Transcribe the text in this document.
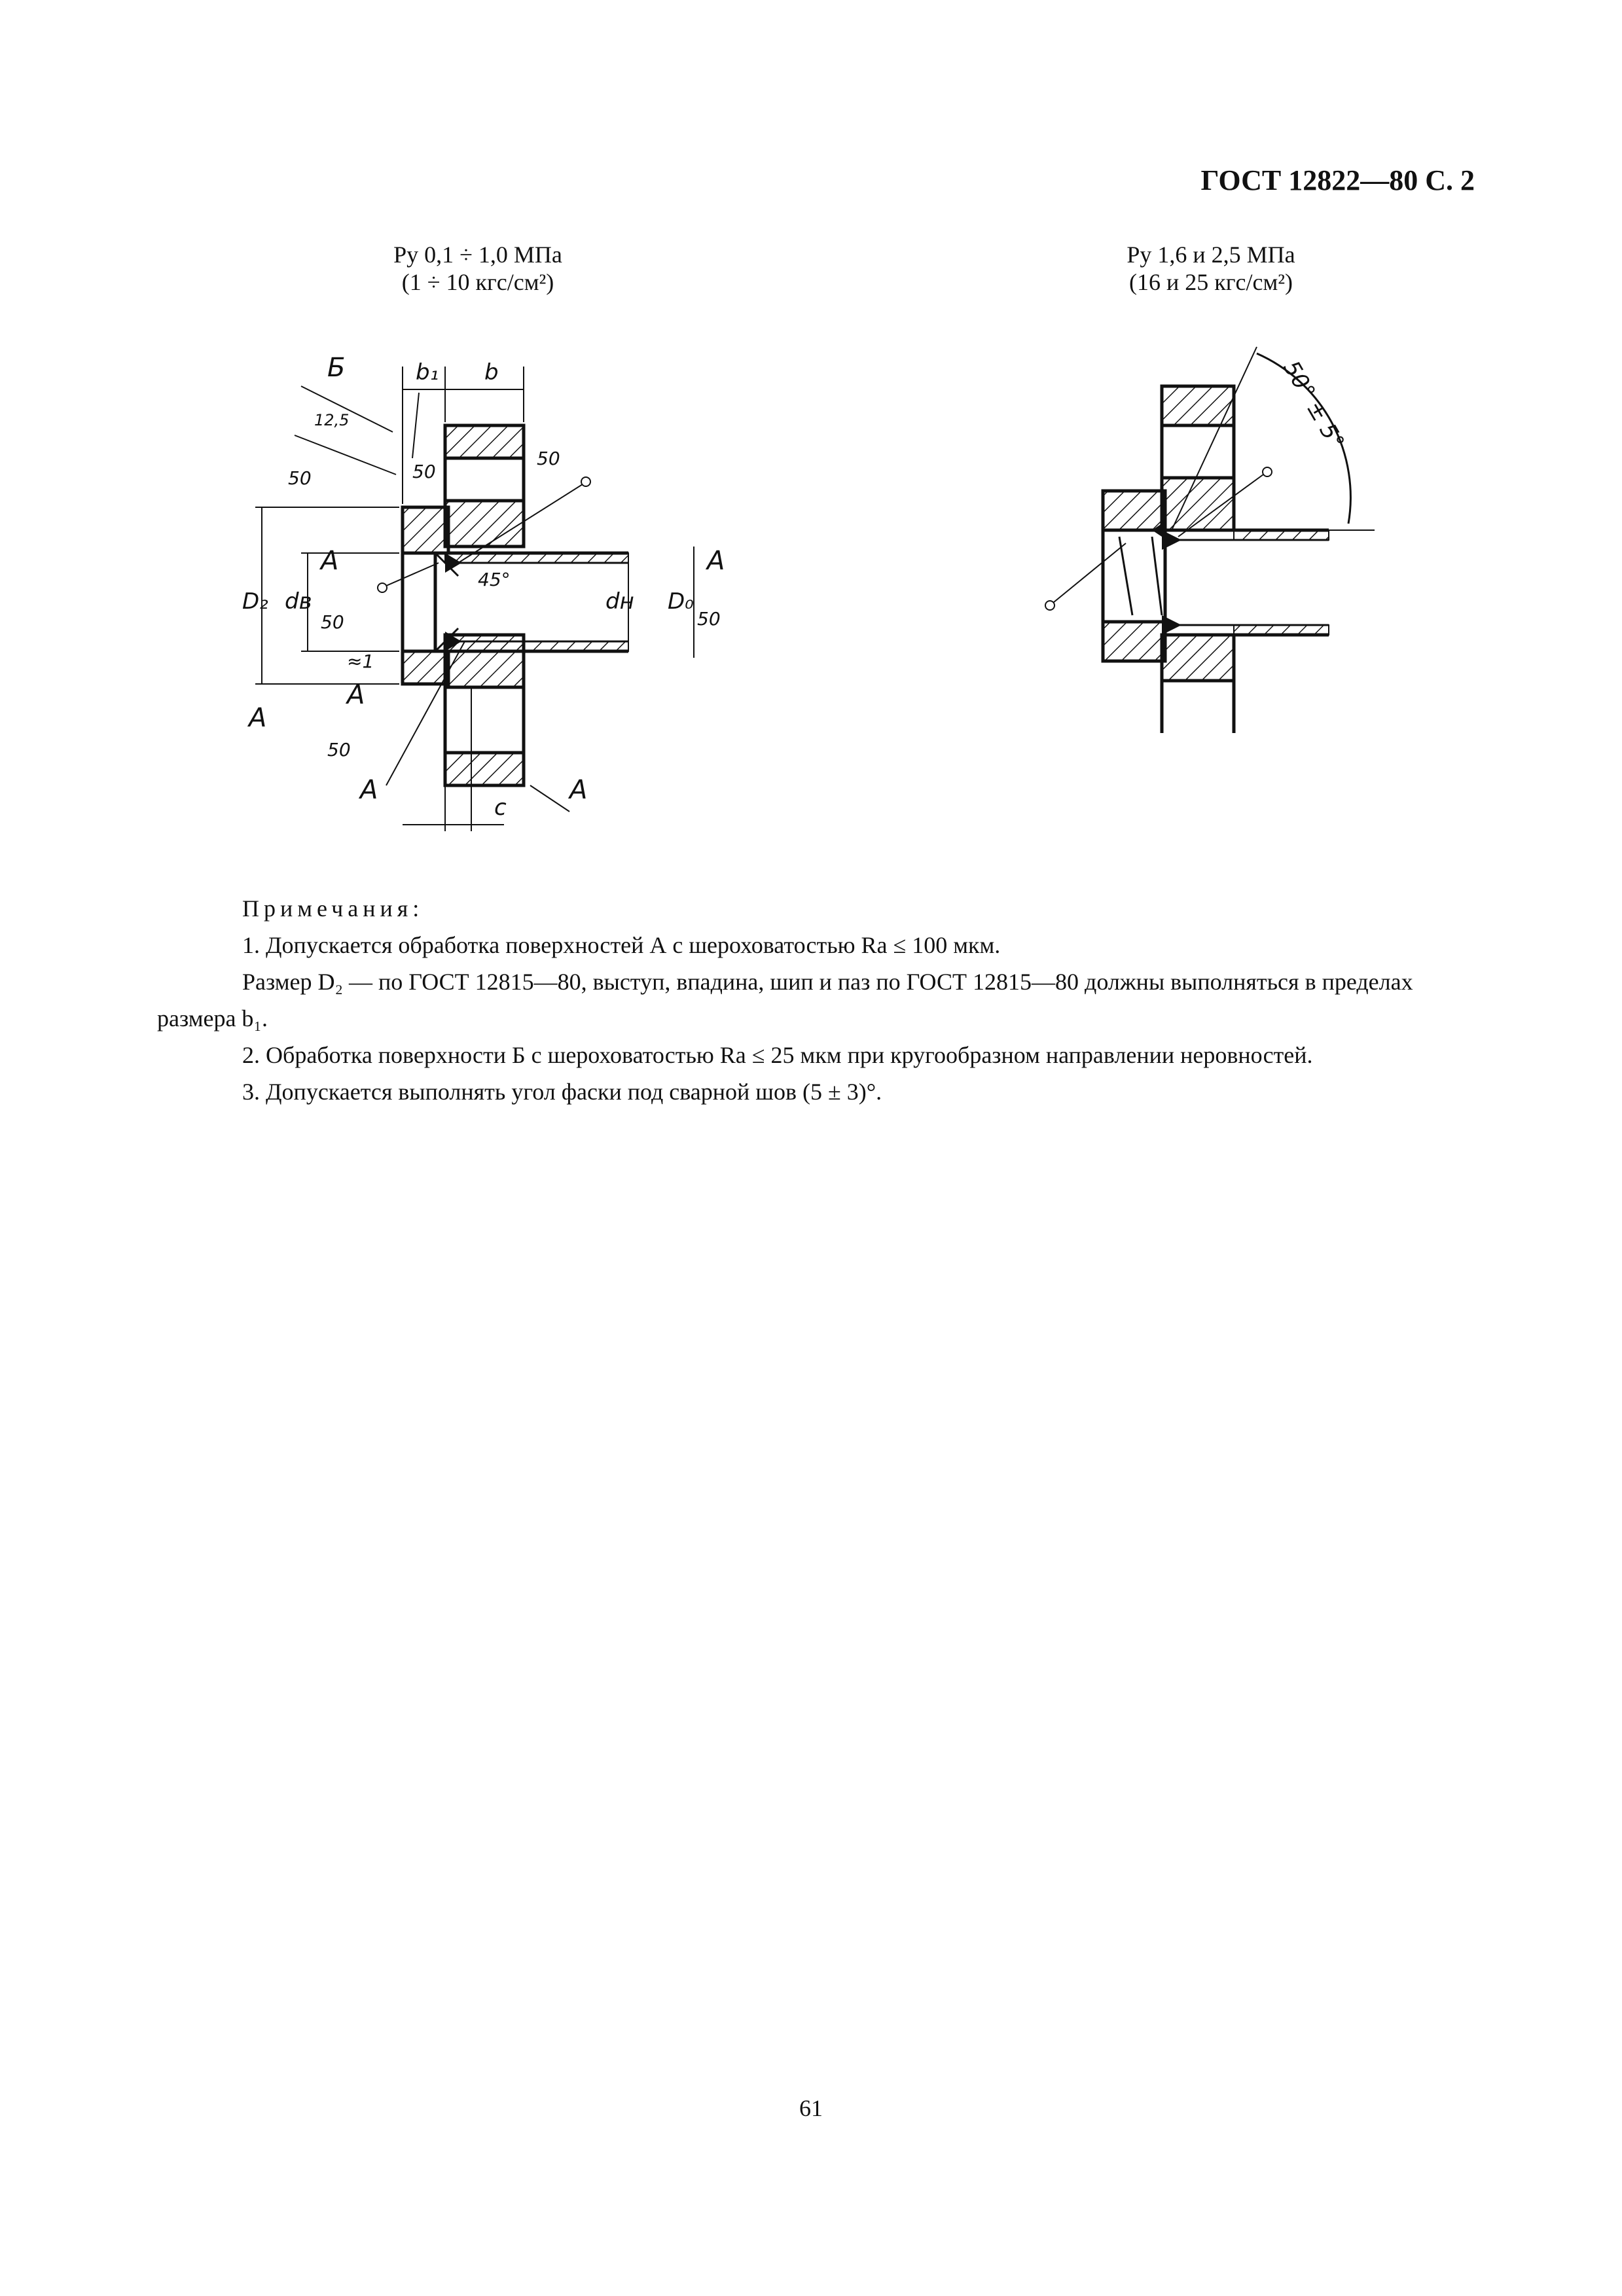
ГОСТ 12822—80 С. 2
Pу 0,1 ÷ 1,0 МПа
(1 ÷ 10 кгс/см²)
Pу 1,6 и 2,5 МПа
(16 и 25 кгс/см²)
Б	b₁ b
12,5
50
50
50
50	50
50
D₂ dв	dн D₀
45°
≈1
A	A
A
A
A	A
c
50° ± 5°

Примечания:

1. Допускается обработка поверхностей А с шероховатостью Ra ≤ 100 мкм.

Размер D₂ — по ГОСТ 12815—80, выступ, впадина, шип и паз по ГОСТ 12815—80 должны выполняться в пределах размера b₁.

2. Обработка поверхности Б с шероховатостью Ra ≤ 25 мкм при кругообразном направлении неровностей.

3. Допускается выполнять угол фаски под сварной шов (5 ± 3)°.

61
